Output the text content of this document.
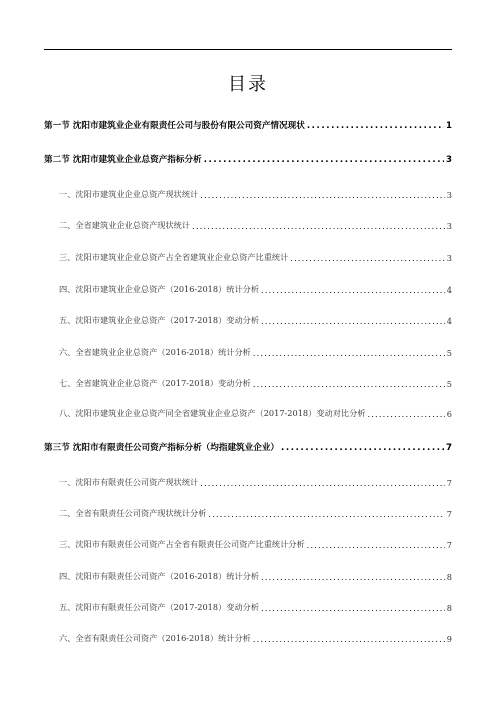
目录
第一节 沈阳市建筑业企业有限责任公司与股份有限公司资产情况现状 .....	1
第二节 沈阳市建筑业企业总资产指标分析 .....	3
一、沈阳市建筑业企业总资产现状统计 .....	3
二、全省建筑业企业总资产现状统计 .....	3
三、沈阳市建筑业企业总资产占全省建筑业企业总资产比重统计 .....	3
四、沈阳市建筑业企业总资产（2016-2018）统计分析 .....	4
五、沈阳市建筑业企业总资产（2017-2018）变动分析 .....	4
六、全省建筑业企业总资产（2016-2018）统计分析 .....	5
七、全省建筑业企业总资产（2017-2018）变动分析 .....	5
八、沈阳市建筑业企业总资产同全省建筑业企业总资产（2017-2018）变动对比分析 .....	6
第三节 沈阳市有限责任公司资产指标分析（均指建筑业企业） .....	7
一、沈阳市有限责任公司资产现状统计 .....	7
二、全省有限责任公司资产现状统计分析 .....	7
三、沈阳市有限责任公司资产占全省有限责任公司资产比重统计分析 .....	7
四、沈阳市有限责任公司资产（2016-2018）统计分析 .....	8
五、沈阳市有限责任公司资产（2017-2018）变动分析 .....	8
六、全省有限责任公司资产（2016-2018）统计分析 .....	9
